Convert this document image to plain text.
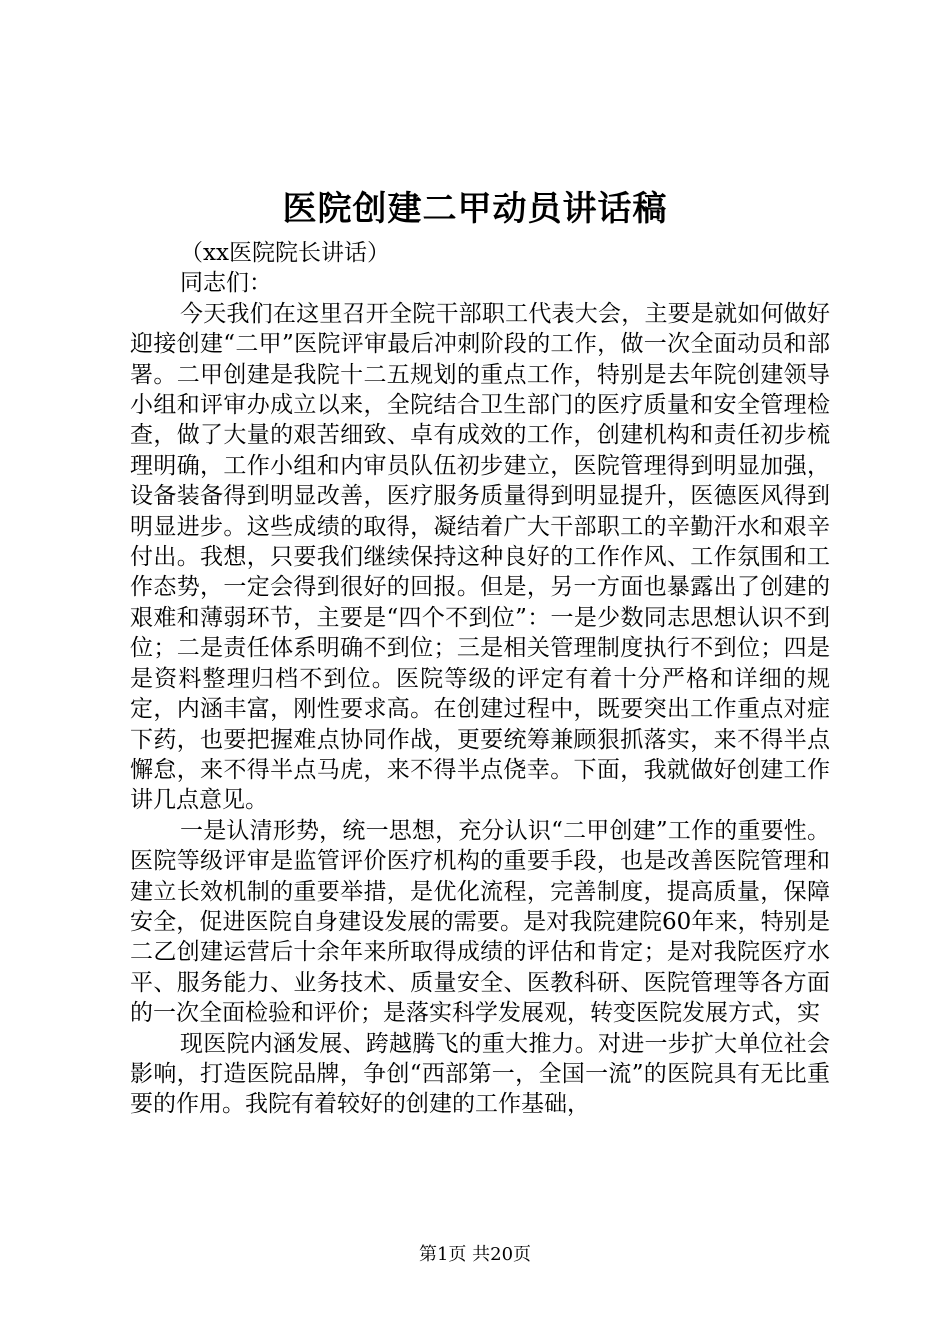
医院创建二甲动员讲话稿

（xx医院院长讲话）

同志们：

今天我们在这里召开全院干部职工代表大会，主要是就如何做好迎接创建“二甲”医院评审最后冲刺阶段的工作，做一次全面动员和部署。二甲创建是我院十二五规划的重点工作，特别是去年院创建领导小组和评审办成立以来，全院结合卫生部门的医疗质量和安全管理检查，做了大量的艰苦细致、卓有成效的工作，创建机构和责任初步梳理明确，工作小组和内审员队伍初步建立，医院管理得到明显加强，设备装备得到明显改善，医疗服务质量得到明显提升，医德医风得到明显进步。这些成绩的取得，凝结着广大干部职工的辛勤汗水和艰辛付出。我想，只要我们继续保持这种良好的工作作风、工作氛围和工作态势，一定会得到很好的回报。但是，另一方面也暴露出了创建的艰难和薄弱环节，主要是“四个不到位”：一是少数同志思想认识不到位；二是责任体系明确不到位；三是相关管理制度执行不到位；四是是资料整理归档不到位。医院等级的评定有着十分严格和详细的规定，内涵丰富，刚性要求高。在创建过程中，既要突出工作重点对症下药，也要把握难点协同作战，更要统筹兼顾狠抓落实，来不得半点懈怠，来不得半点马虎，来不得半点侥幸。下面，我就做好创建工作讲几点意见。

一是认清形势，统一思想，充分认识“二甲创建”工作的重要性。医院等级评审是监管评价医疗机构的重要手段，也是改善医院管理和建立长效机制的重要举措，是优化流程，完善制度，提高质量，保障安全，促进医院自身建设发展的需要。是对我院建院60年来，特别是二乙创建运营后十余年来所取得成绩的评估和肯定；是对我院医疗水平、服务能力、业务技术、质量安全、医教科研、医院管理等各方面的一次全面检验和评价；是落实科学发展观，转变医院发展方式，实

现医院内涵发展、跨越腾飞的重大推力。对进一步扩大单位社会影响，打造医院品牌，争创“西部第一，全国一流”的医院具有无比重要的作用。我院有着较好的创建的工作基础，

第1页 共20页
